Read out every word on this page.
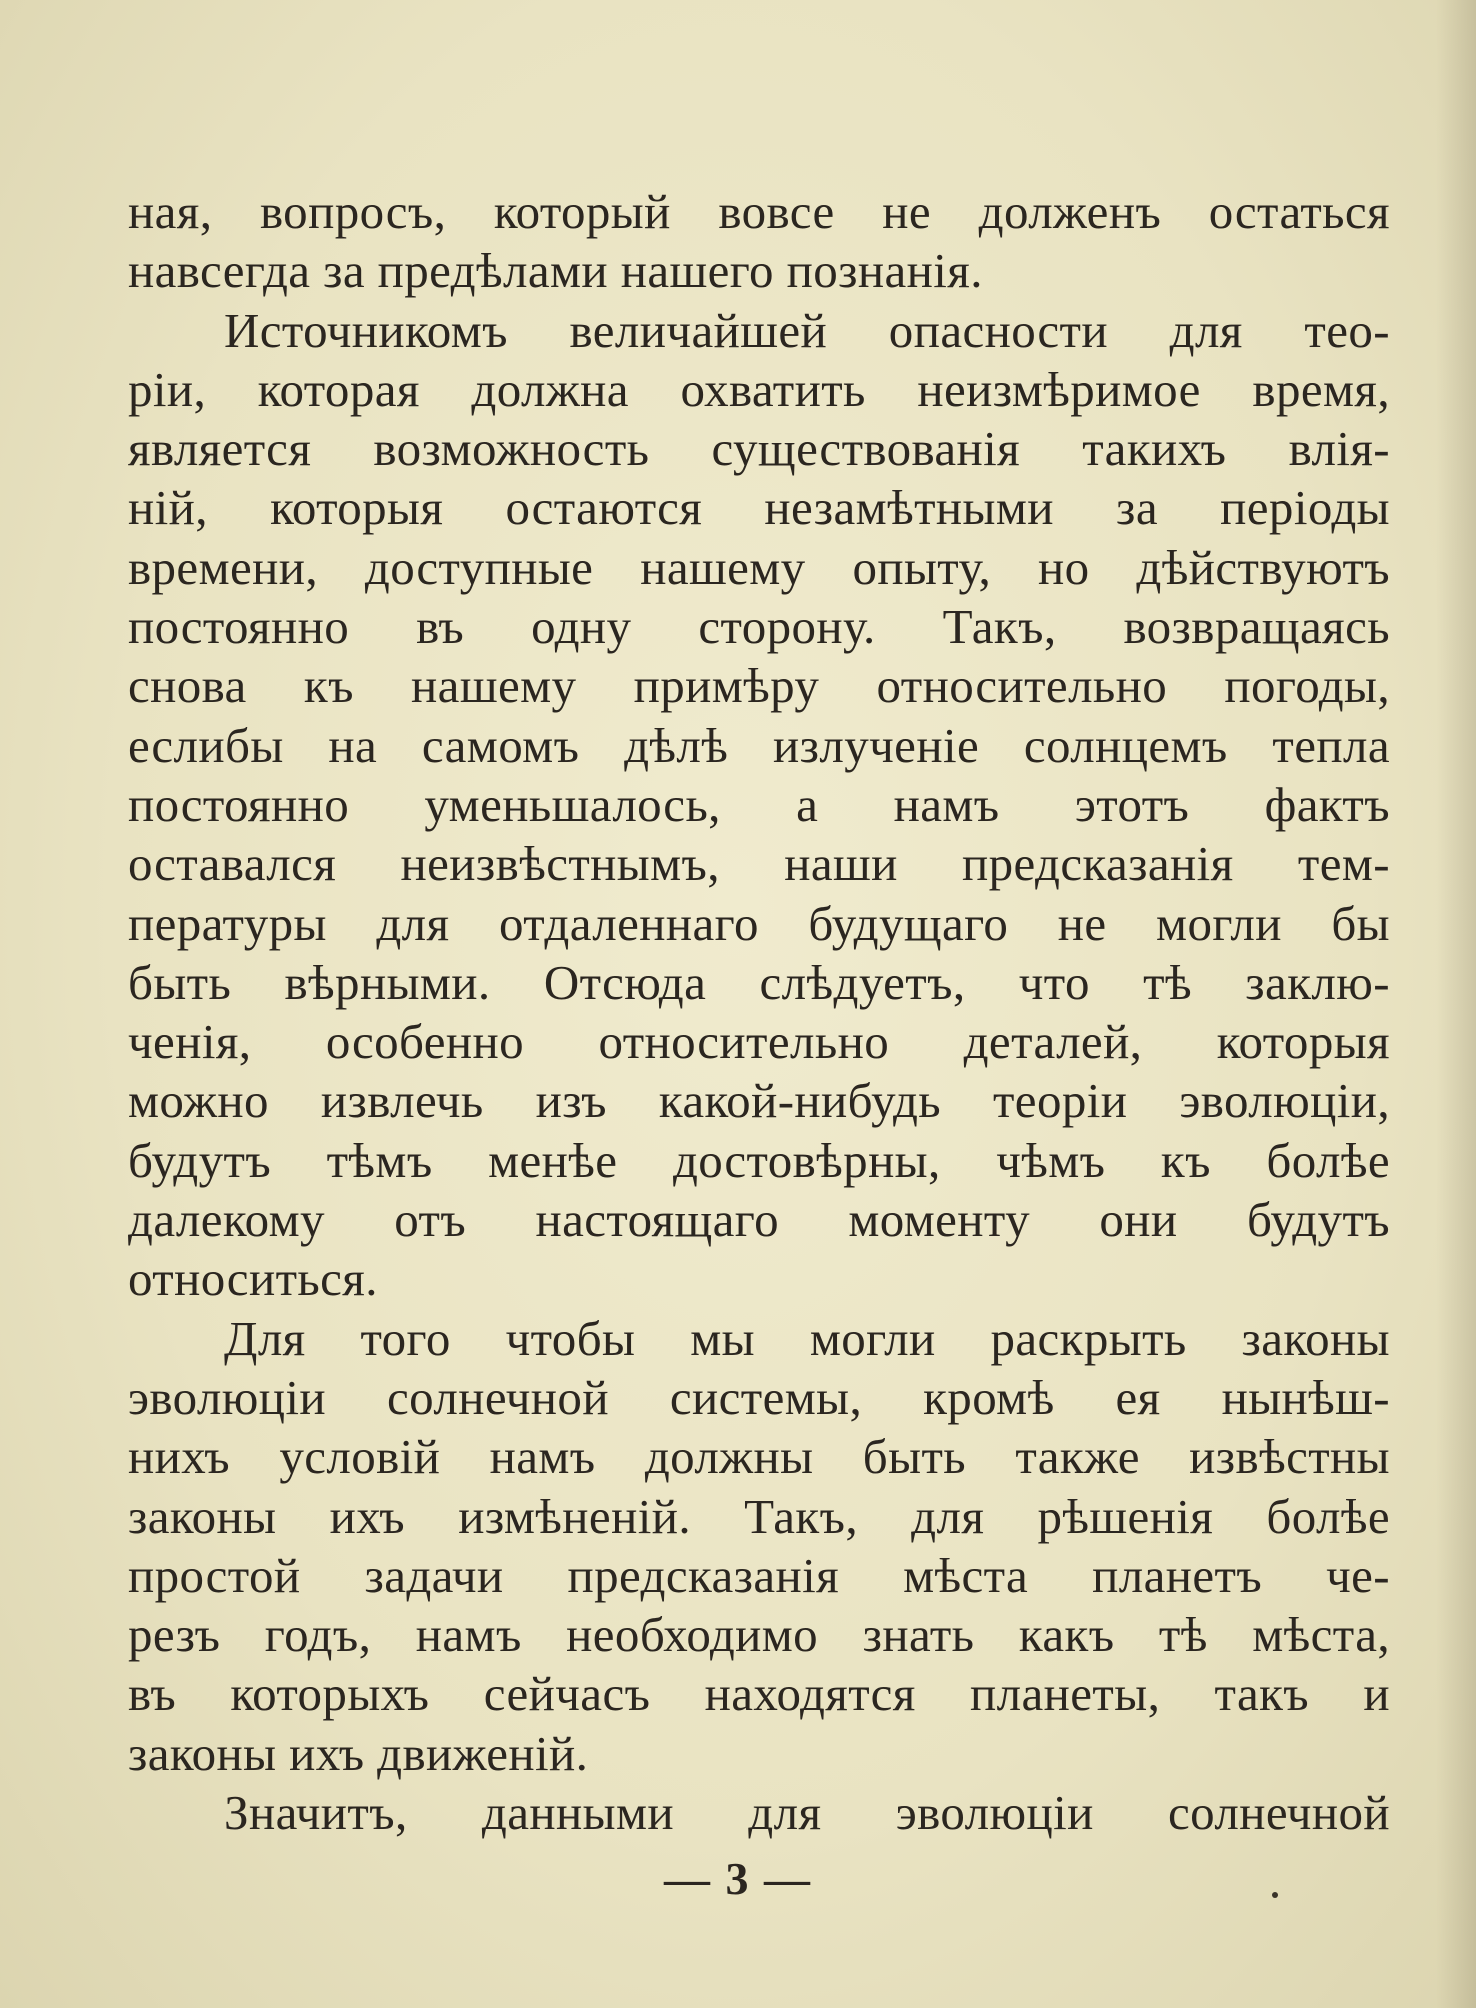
ная, вопросъ, который вовсе не долженъ остаться
навсегда за предѣлами нашего познанія.
Источникомъ величайшей опасности для тео-
ріи, которая должна охватить неизмѣримое время,
является возможность существованія такихъ влія-
ній, которыя остаются незамѣтными за періоды
времени, доступные нашему опыту, но дѣйствуютъ
постоянно въ одну сторону. Такъ, возвращаясь
снова къ нашему примѣру относительно погоды,
еслибы на самомъ дѣлѣ излученіе солнцемъ тепла
постоянно уменьшалось, а намъ этотъ фактъ
оставался неизвѣстнымъ, наши предсказанія тем-
пературы для отдаленнаго будущаго не могли бы
быть вѣрными. Отсюда слѣдуетъ, что тѣ заклю-
ченія, особенно относительно деталей, которыя
можно извлечь изъ какой-нибудь теоріи эволюціи,
будутъ тѣмъ менѣе достовѣрны, чѣмъ къ болѣе
далекому отъ настоящаго моменту они будутъ
относиться.
Для того чтобы мы могли раскрыть законы
эволюціи солнечной системы, кромѣ ея нынѣш-
нихъ условій намъ должны быть также извѣстны
законы ихъ измѣненій. Такъ, для рѣшенія болѣе
простой задачи предсказанія мѣста планетъ че-
резъ годъ, намъ необходимо знать какъ тѣ мѣста,
въ которыхъ сейчасъ находятся планеты, такъ и
законы ихъ движеній.
Значитъ, данными для эволюціи солнечной
— 3 —
